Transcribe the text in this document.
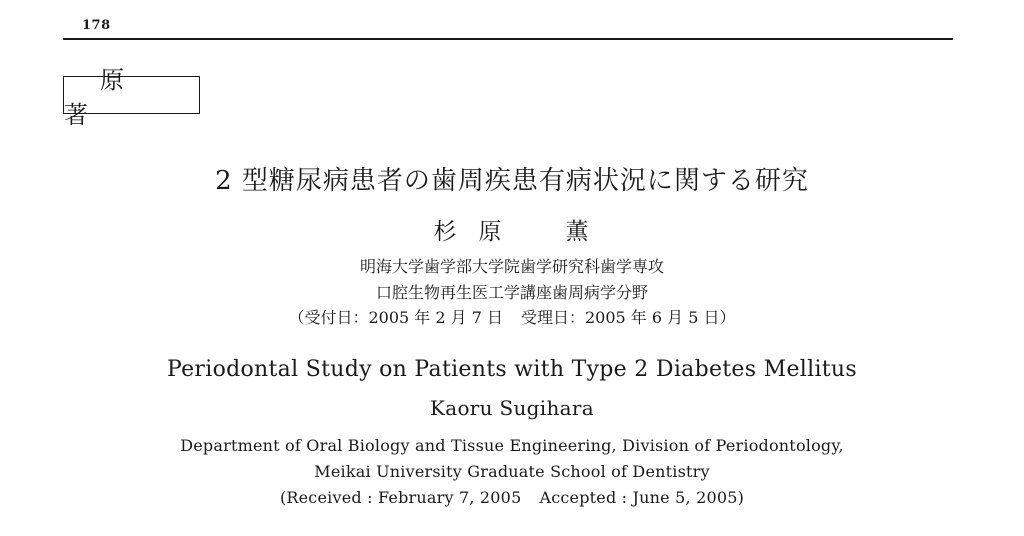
178
原著
2 型糖尿病患者の歯周疾患有病状況に関する研究
杉 原	薫
明海大学歯学部大学院歯学研究科歯学専攻
口腔生物再生医工学講座歯周病学分野
（受付日：2005 年 2 月 7 日 受理日：2005 年 6 月 5 日）
Periodontal Study on Patients with Type 2 Diabetes Mellitus
Kaoru Sugihara
Department of Oral Biology and Tissue Engineering, Division of Periodontology,
Meikai University Graduate School of Dentistry
(Received : February 7, 2005 Accepted : June 5, 2005)
